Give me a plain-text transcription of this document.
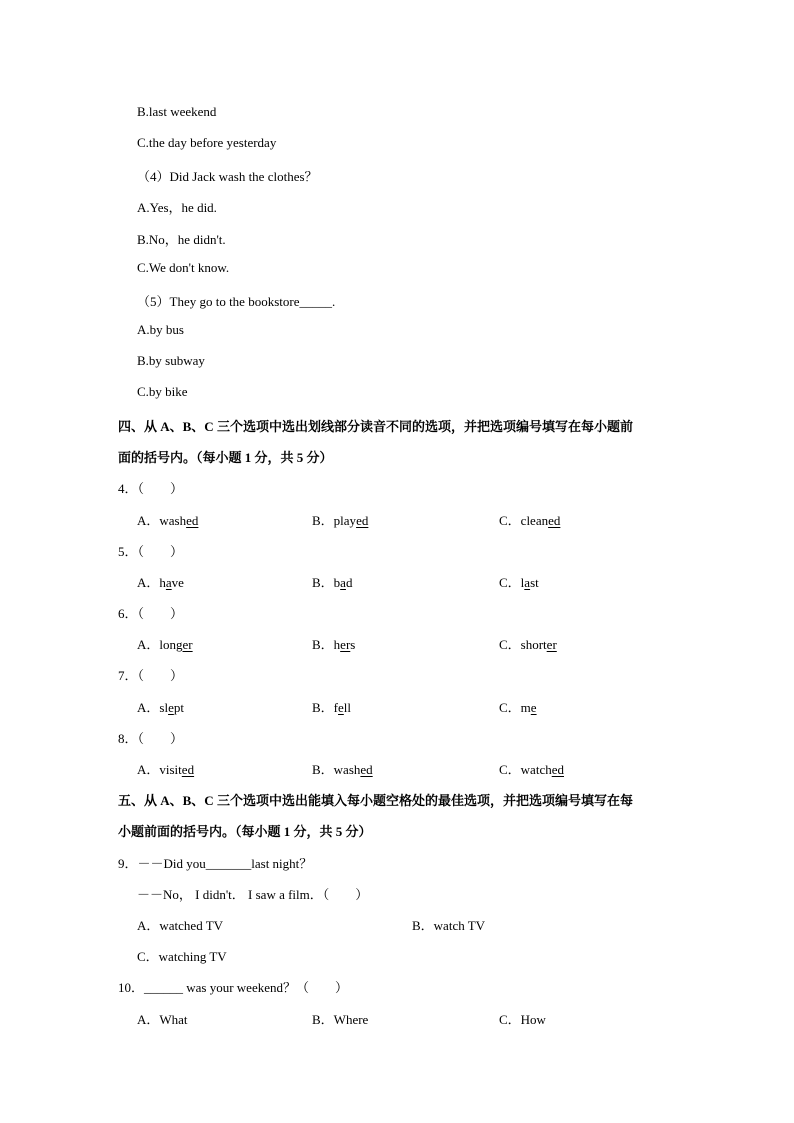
B.last weekend
C.the day before yesterday
（4）Did Jack wash the clothes？
A.Yes，he did.
B.No，he didn't.
C.We don't know.
（5）They go to the bookstore_____.
A.by bus
B.by subway
C.by bike
四、从 A、B、C 三个选项中选出划线部分读音不同的选项，并把选项编号填写在每小题前
面的括号内。（每小题 1 分，共 5 分）
4．（　　）
A．washed	B．played	C．cleaned
5．（　　）
A．have	B．bad	C．last
6．（　　）
A．longer	B．hers	C．shorter
7．（　　）
A．slept	B．fell	C．me
8．（　　）
A．visited	B．washed	C．watched
五、从 A、B、C 三个选项中选出能填入每小题空格处的最佳选项，并把选项编号填写在每
小题前面的括号内。（每小题 1 分，共 5 分）
9．－－Did you_______last night？
－－No， I didn't． I saw a film．（　　）
A．watched TV	B．watch TV
C．watching TV
10．______ was your weekend？（　　）
A．What	B．Where	C．How
